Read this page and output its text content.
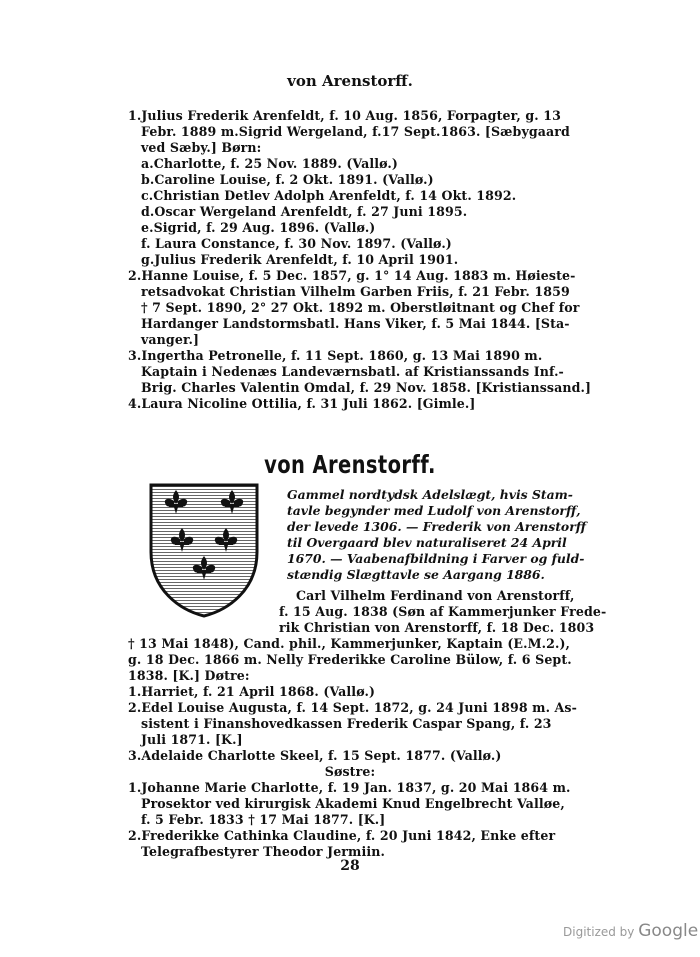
von Arenstorff.
1.Julius Frederik Arenfeldt, f. 10 Aug. 1856, Forpagter, g. 13
Febr. 1889 m.Sigrid Wergeland, f.17 Sept.1863. [Sæbygaard
ved Sæby.] Børn:
a.Charlotte, f. 25 Nov. 1889. (Vallø.)
b.Caroline Louise, f. 2 Okt. 1891. (Vallø.)
c.Christian Detlev Adolph Arenfeldt, f. 14 Okt. 1892.
d.Oscar Wergeland Arenfeldt, f. 27 Juni 1895.
e.Sigrid, f. 29 Aug. 1896. (Vallø.)
f. Laura Constance, f. 30 Nov. 1897. (Vallø.)
g.Julius Frederik Arenfeldt, f. 10 April 1901.
2.Hanne Louise, f. 5 Dec. 1857, g. 1° 14 Aug. 1883 m. Høieste-
retsadvokat Christian Vilhelm Garben Friis, f. 21 Febr. 1859
† 7 Sept. 1890, 2° 27 Okt. 1892 m. Oberstløitnant og Chef for
Hardanger Landstormsbatl. Hans Viker, f. 5 Mai 1844. [Sta-
vanger.]
3.Ingertha Petronelle, f. 11 Sept. 1860, g. 13 Mai 1890 m.
Kaptain i Nedenæs Landeværnsbatl. af Kristianssands Inf.-
Brig. Charles Valentin Omdal, f. 29 Nov. 1858. [Kristianssand.]
4.Laura Nicoline Ottilia, f. 31 Juli 1862. [Gimle.]
von Arenstorff.
Gammel nordtydsk Adelslægt, hvis Stam-
tavle begynder med Ludolf von Arenstorff,
der levede 1306. — Frederik von Arenstorff
til Overgaard blev naturaliseret 24 April
1670. — Vaabenafbildning i Farver og fuld-
stændig Slægttavle se Aargang 1886.
Carl Vilhelm Ferdinand von Arenstorff,
f. 15 Aug. 1838 (Søn af Kammerjunker Frede-
rik Christian von Arenstorff, f. 18 Dec. 1803
† 13 Mai 1848), Cand. phil., Kammerjunker, Kaptain (E.M.2.),
g. 18 Dec. 1866 m. Nelly Frederikke Caroline Bülow, f. 6 Sept.
1838. [K.] Døtre:
1.Harriet, f. 21 April 1868. (Vallø.)
2.Edel Louise Augusta, f. 14 Sept. 1872, g. 24 Juni 1898 m. As-
sistent i Finanshovedkassen Frederik Caspar Spang, f. 23
Juli 1871. [K.]
3.Adelaide Charlotte Skeel, f. 15 Sept. 1877. (Vallø.)
Søstre:
1.Johanne Marie Charlotte, f. 19 Jan. 1837, g. 20 Mai 1864 m.
Prosektor ved kirurgisk Akademi Knud Engelbrecht Valløe,
f. 5 Febr. 1833 † 17 Mai 1877. [K.]
2.Frederikke Cathinka Claudine, f. 20 Juni 1842, Enke efter
Telegrafbestyrer Theodor Jermiin.
28
Digitized by Google
